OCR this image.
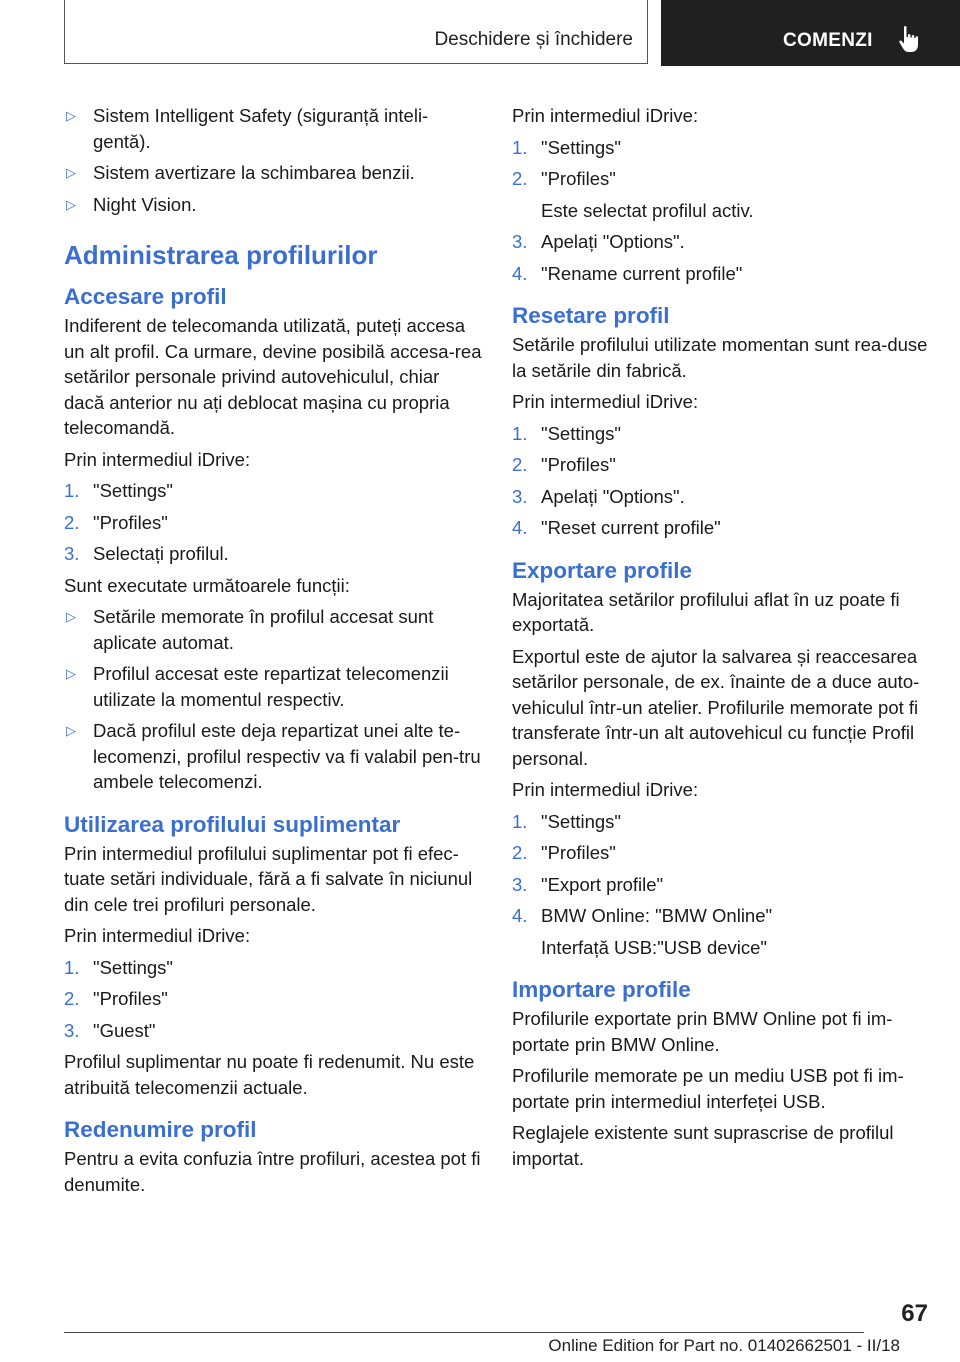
Deschidere și închidere	COMENZI
▷ Sistem Intelligent Safety (siguranță inteli-gentă).
▷ Sistem avertizare la schimbarea benzii.
▷ Night Vision.
Administrarea profilurilor
Accesare profil

Indiferent de telecomanda utilizată, puteți accesa un alt profil. Ca urmare, devine posibilă accesa-rea setărilor personale privind autovehiculul, chiar dacă anterior nu ați deblocat mașina cu propria telecomandă.

Prin intermediul iDrive:

1. "Settings"
2. "Profiles"
3. Selectați profilul.

Sunt executate următoarele funcții:

▷ Setările memorate în profilul accesat sunt aplicate automat.
▷ Profilul accesat este repartizat telecomenzii utilizate la momentul respectiv.
▷ Dacă profilul este deja repartizat unei alte te-lecomenzi, profilul respectiv va fi valabil pen-tru ambele telecomenzi.
Utilizarea profilului suplimentar

Prin intermediul profilului suplimentar pot fi efec-tuate setări individuale, fără a fi salvate în niciunul din cele trei profiluri personale.

Prin intermediul iDrive:

1. "Settings"
2. "Profiles"
3. "Guest"

Profilul suplimentar nu poate fi redenumit. Nu este atribuită telecomenzii actuale.

Redenumire profil

Pentru a evita confuzia între profiluri, acestea pot fi denumite.

Prin intermediul iDrive:

1. "Settings"
2. "Profiles"
Este selectat profilul activ.
3. Apelați "Options".
4. "Rename current profile"
Resetare profil

Setările profilului utilizate momentan sunt rea-duse la setările din fabrică.

Prin intermediul iDrive:

1. "Settings"
2. "Profiles"
3. Apelați "Options".
4. "Reset current profile"
Exportare profile

Majoritatea setărilor profilului aflat în uz poate fi exportată.

Exportul este de ajutor la salvarea și reaccesarea setărilor personale, de ex. înainte de a duce auto-vehiculul într-un atelier. Profilurile memorate pot fi transferate într-un alt autovehicul cu funcție Profil personal.

Prin intermediul iDrive:

1. "Settings"
2. "Profiles"
3. "Export profile"
4. BMW Online: "BMW Online"
Interfață USB:"USB device"
Importare profile

Profilurile exportate prin BMW Online pot fi im-portate prin BMW Online.

Profilurile memorate pe un mediu USB pot fi im-portate prin intermediul interfeței USB.

Reglajele existente sunt suprascrise de profilul importat.

67
Online Edition for Part no. 01402662501 - II/18
